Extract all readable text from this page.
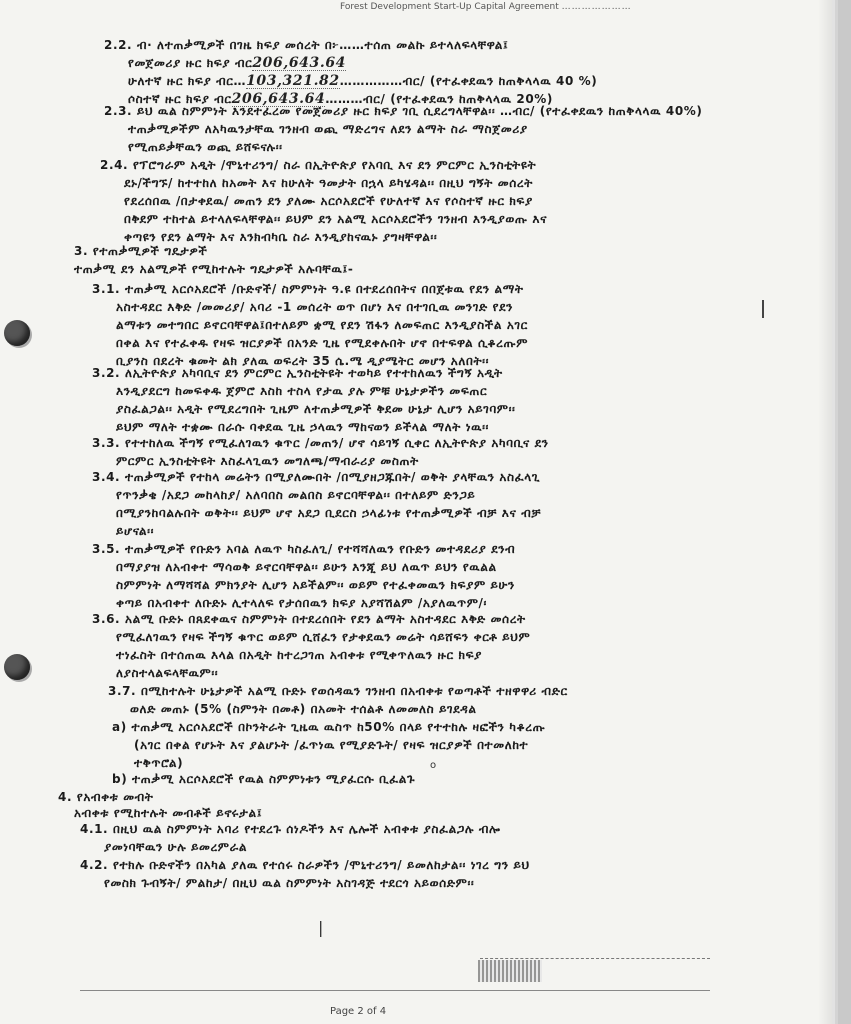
Forest Development Start-Up Capital Agreement …………………
2.2. ብ· ለተጠቃሚዎች በገዜ ክፍያ መሰረት በ፦……ተሰጠ መልኩ ይተላለፍላቸዋል፤
የመጀመሪያ ዙር ክፍያ ብር206,643.64
ሁለተኛ ዙር ክፍያ ብር…103,321.82……………ብር/ (የተፈቀደዉን ከጠቅላላዉ 40 %)
ሶስተኛ ዙር ክፍያ ብር206,643.64………ብር/ (የተፈቀደዉን ከጠቅላላዉ 20%)
2.3. ይህ ዉል ስምምነት እንደተፈረመ የመጀመሪያ ዙር ክፍያ ገቢ ሲደረግላቸዋል፡፡ …ብር/ (የተፈቀደዉን ከጠቅላላዉ 40%)
ተጠቃሚዎችም ለአካዉንታቸዉ ገንዘብ ወጪ ማድረግና ለደን ልማት ስራ ማስጀመሪያ
የሚጠይቃቸዉን ወጪ ይሸፍናሉ፡፡
2.4. የፕሮግራም አዲት /ሞኒተሪንግ/ ስራ በኢትዮጵያ የአባቢ እና ደን ምርምር ኢንስቲትዩት
ደኑ/ችግኙ/ ከተተከለ ከአመት እና ከሁለት ዓመታት በኋላ ይካሄዳል፡፡ በዚህ ግኝት መሰረት
የደረሰበዉ /በታቀደዉ/ መጠን ደን ያለሙ አርሶአደሮች የሁለተኛ እና የሶስተኛ ዙር ክፍያ
በቅደም ተከተል ይተላለፍላቸዋል፡፡ ይህም ደን አልሚ አርሶአደሮችን ገንዘብ እንዲያወጡ እና
ቀጣዩን የደን ልማት እና እንክብካቤ ስራ እንዲያከናዉኑ ያግዛቸዋል፡፡
3. የተጠቃሚዎች ግዴታዎች
ተጠቃሚ ደን አልሚዎች የሚከተሉት ግዴታዎች አሉባቸዉ፤-
3.1. ተጠቃሚ አርሶአደሮች /ቡድኖች/ ስምምነት ዓ.ዩ በተደረሰበትና በበጀቱዉ የደን ልማት
አስተዳደር እቅድ /መመሪያ/ አባሪ -1 መሰረት ወጥ በሆነ እና በተገቢዉ መንገድ የደን
ልማቱን መተግበር ይኖርባቸዋል፤በተለይም ቋሚ የደን ሽፋን ለመፍጠር እንዲያስችል አገር
በቀል እና የተፈቀዱ የዛፍ ዝርያዎች በአንድ ጊዜ የሚደቀሉበት ሆኖ በተፍዋል ሲቆረጡም
ቢያንስ በደረት ቁመት ልክ ያለዉ ወፍረት 35 ሴ.ሜ ዲያሜትር መሆን አለበት፡፡
3.2. ለኢትዮጵያ አካባቢና ደን ምርምር ኢንስቲትዩት ተወካይ የተተከለዉን ችግኝ አዲት
እንዲያደርግ ከመፍቀዱ ጀምሮ እስከ ተስላ የታዉ ያሉ ምቹ ሁኔታዎችን መፍጠር
ያስፈልጋል፡፡ አዲት የሚደረግበት ጊዜም ለተጠቃሚዎች ቅደመ ሁኔታ ሊሆን አይገባም፡፡
ይህም ማለት ተቋሙ በራሱ ባቀደዉ ጊዜ ኃላዉን ማከናወን ይችላል ማለት ነዉ፡፡
3.3. የተተከለዉ ችግኝ የሚፈለገዉን ቁጥር /መጠን/ ሆኖ ሳይገኝ ሲቀር ለኢትዮጵያ አካባቢና ደን
ምርምር ኢንስቲትዩት እስፈላጊዉን መግለጫ/ማብራሪያ መስጠት
3.4. ተጠቃሚዎች የተከላ መሬትን በሚያለሙበት /በሚያዘጋጁበት/ ወቅት ያላቸዉን አስፈላጊ
የጥንቃቄ /አደጋ መከላከያ/ አለባበስ መልበስ ይኖርባቸዋል፡፡ በተለይም ድንጋይ
በሚያንከባልሉበት ወቅት፡፡ ይህም ሆኖ አደጋ ቢደርስ ኃላፊነቱ የተጠቃሚዎች ብቻ እና ብቻ
ይሆናል፡፡
3.5. ተጠቃሚዎች የቡድን አባል ለዉጥ ካስፈለጊ/ የተሻሻለዉን የቡድን መተዳደሪያ ደንብ
በማያያዝ ለአብቀተ ማሳወቅ ይኖርባቸዋል፡፡ ይሁን እንጂ ይህ ለዉጥ ይህን የዉልል
ስምምነት ለማሻሻል ምክንያት ሊሆን አይችልም፡፡ ወይም የተፈቀመዉን ክፍያም ይሁን
ቀጣይ በአብቀተ ለቡድኑ ሊተላለፍ የታሰበዉን ክፍያ አያሻሽልም /አያለዉጥም/፡
3.6. አልሚ ቡድኑ በጸደቀዉና ስምምነት በተደረሰበት የደን ልማት አስተዳደር እቅድ መሰረት
የሚፈለገዉን የዛፍ ችግኝ ቁጥር ወይም ሲሸፈን የታቀደዉን መሬት ሳይሸፍን ቀርቶ ይህም
ተነፈስት በተሰጠዉ እላል በአዲት ከተረጋገጠ አብቀቱ የሚቀጥለዉን ዙር ክፍያ
ለያስተላልፍላቸዉም፡፡
3.7. በሚከተሉት ሁኔታዎች አልሚ ቡድኑ የወሰዳዉን ገንዘብ በአብቀቱ የወጣቶች ተዘዋዋሪ ብድር
ወለድ መጠኑ (5% (ስምንት በመቶ) በአመት ተሰልቶ ለመመለስ ይገደዳል
a) ተጠቃሚ አርሶአደሮች በኮንትራት ጊዜዉ ዉስጥ ከ50% በላይ የተተከሉ ዛፎችን ካቆረጡ
(አገር በቀል የሆኑት እና ያልሆኑት /ፈጥነዉ የሚያድጉት/ የዛፍ ዝርያዎች በተመለከተ
ተቅጥሮል)
b) ተጠቃሚ አርሶአደሮች የዉል ስምምነቱን ሚያፈርሱ ቢፈልጉ
4. የአብቀቱ መብት
አብቀቱ የሚከተሉት መብቶች ይኖሩታል፤
4.1. በዚህ ዉል ስምምነት አባሪ የተደረጉ ሰነዶችን እና ሌሎች አብቀቱ ያስፈልጋሉ ብሎ
ያመነባቸዉን ሁሉ ይመረምራል
4.2. የተክሉ ቡድኖችን በአካል ያለዉ የተሰሩ ስራዎችን /ሞኒተሪንግ/ ይመለከታል፡፡ ነገረ ግን ይህ
የመስክ ጉብኝት/ ምልከታ/ በዚህ ዉል ስምምነት አስገዳጅ ተደርጎ አይወሰድም፡፡
o
|
Page 2 of 4
